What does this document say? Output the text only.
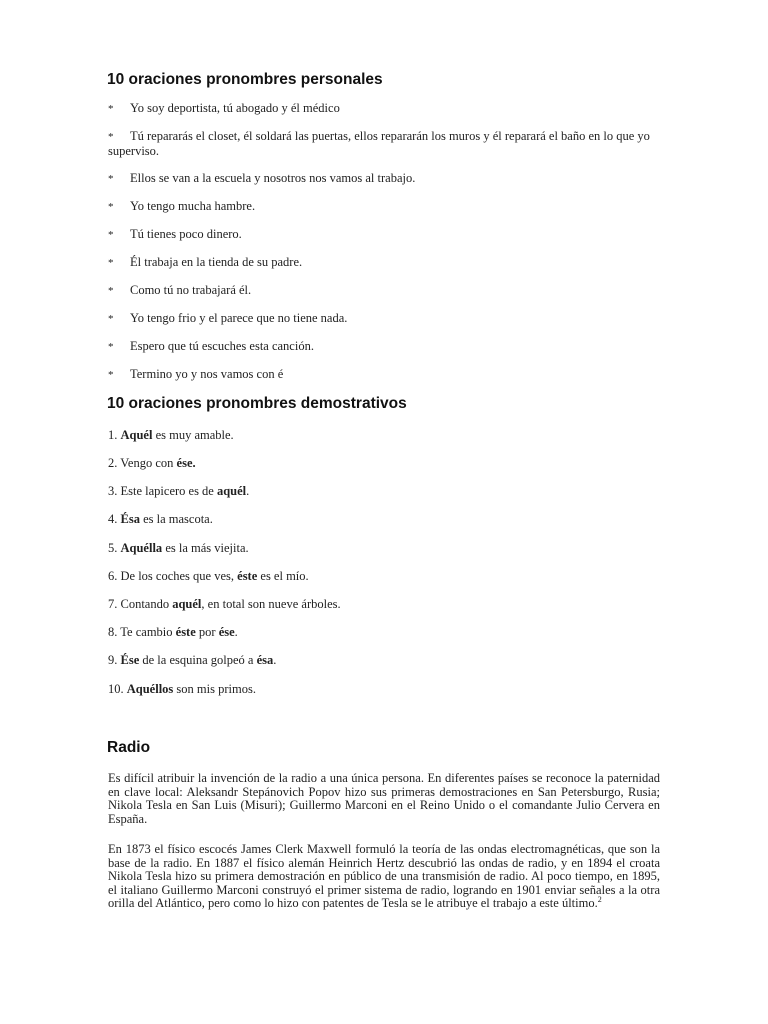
10 oraciones pronombres personales
* Yo soy deportista, tú abogado y él médico
* Tú repararás el closet, él soldará las puertas, ellos repararán los muros y él reparará el baño en lo que yo superviso.
* Ellos se van a la escuela y nosotros nos vamos al trabajo.
* Yo tengo mucha hambre.
* Tú tienes poco dinero.
* Él trabaja en la tienda de su padre.
* Como tú no trabajará él.
* Yo tengo frio y el parece que no tiene nada.
* Espero que tú escuches esta canción.
* Termino yo y nos vamos con é
10 oraciones pronombres demostrativos
1. Aquél es muy amable.
2. Vengo con ése.
3. Este lapicero es de aquél.
4. Ésa es la mascota.
5. Aquélla es la más viejita.
6. De los coches que ves, éste es el mío.
7. Contando aquél, en total son nueve árboles.
8. Te cambio éste por ése.
9. Ése de la esquina golpeó a ésa.
10. Aquéllos son mis primos.
Radio
Es difícil atribuir la invención de la radio a una única persona. En diferentes países se reconoce la paternidad en clave local: Aleksandr Stepánovich Popov hizo sus primeras demostraciones en San Petersburgo, Rusia; Nikola Tesla en San Luis (Misuri); Guillermo Marconi en el Reino Unido o el comandante Julio Cervera en España.
En 1873 el físico escocés James Clerk Maxwell formuló la teoría de las ondas electromagnéticas, que son la base de la radio. En 1887 el físico alemán Heinrich Hertz descubrió las ondas de radio, y en 1894 el croata Nikola Tesla hizo su primera demostración en público de una transmisión de radio. Al poco tiempo, en 1895, el italiano Guillermo Marconi construyó el primer sistema de radio, logrando en 1901 enviar señales a la otra orilla del Atlántico, pero como lo hizo con patentes de Tesla se le atribuye el trabajo a este último.$^2$
